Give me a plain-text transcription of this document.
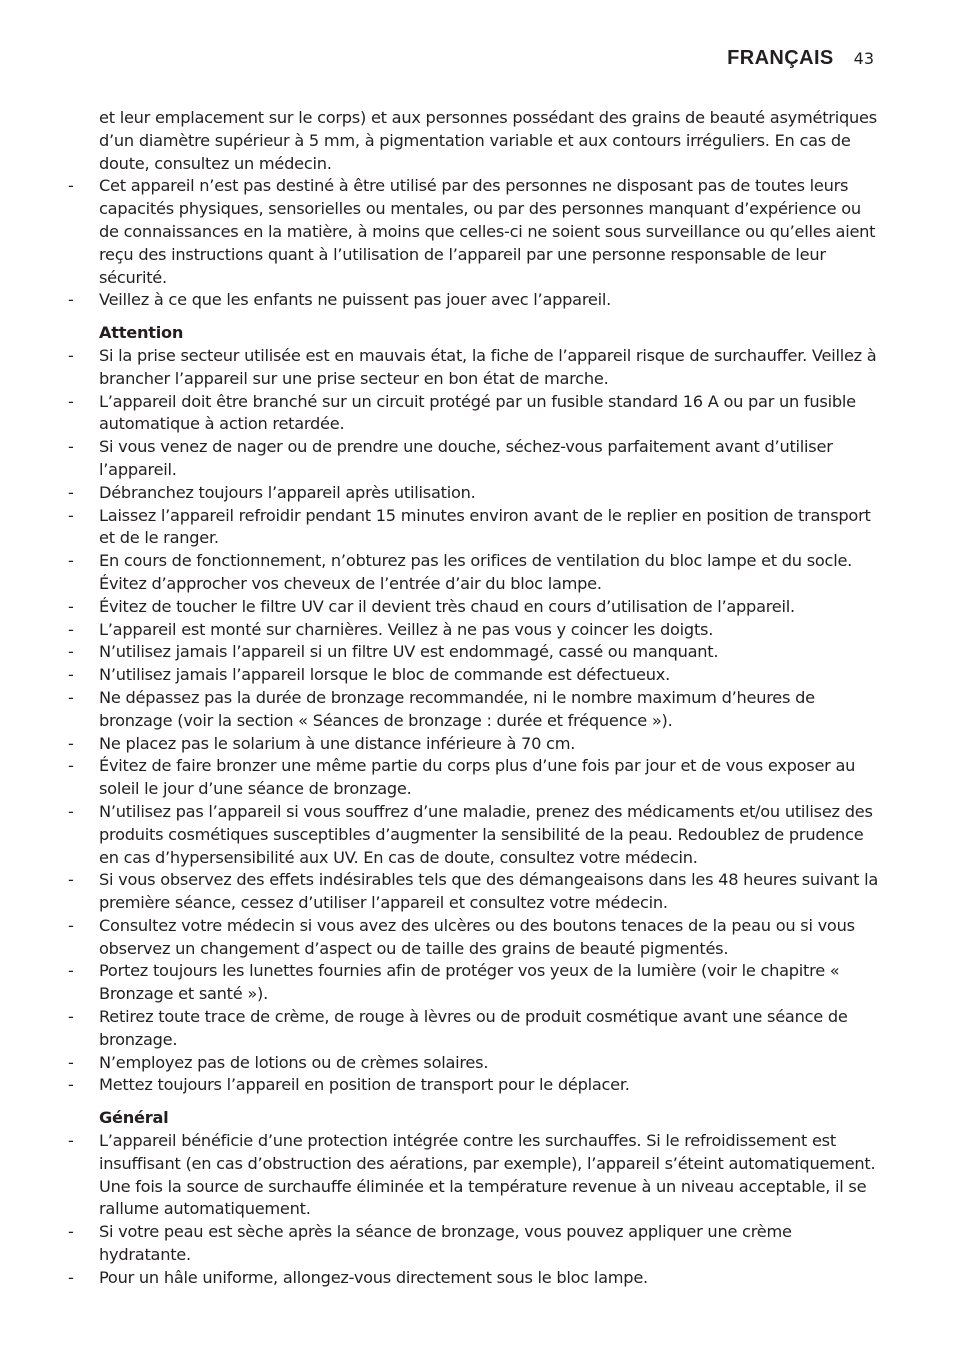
FRANÇAIS 43

et leur emplacement sur le corps) et aux personnes possédant des grains de beauté asymétriques d’un diamètre supérieur à 5 mm, à pigmentation variable et aux contours irréguliers. En cas de doute, consultez un médecin.

- Cet appareil n’est pas destiné à être utilisé par des personnes ne disposant pas de toutes leurs capacités physiques, sensorielles ou mentales, ou par des personnes manquant d’expérience ou de connaissances en la matière, à moins que celles-ci ne soient sous surveillance ou qu’elles aient reçu des instructions quant à l’utilisation de l’appareil par une personne responsable de leur sécurité.
- Veillez à ce que les enfants ne puissent pas jouer avec l’appareil.
Attention
- Si la prise secteur utilisée est en mauvais état, la fiche de l’appareil risque de surchauffer. Veillez à brancher l’appareil sur une prise secteur en bon état de marche.
- L’appareil doit être branché sur un circuit protégé par un fusible standard 16 A ou par un fusible automatique à action retardée.
- Si vous venez de nager ou de prendre une douche, séchez-vous parfaitement avant d’utiliser l’appareil.
- Débranchez toujours l’appareil après utilisation.
- Laissez l’appareil refroidir pendant 15 minutes environ avant de le replier en position de transport et de le ranger.
- En cours de fonctionnement, n’obturez pas les orifices de ventilation du bloc lampe et du socle. Évitez d’approcher vos cheveux de l’entrée d’air du bloc lampe.
- Évitez de toucher le filtre UV car il devient très chaud en cours d’utilisation de l’appareil.
- L’appareil est monté sur charnières. Veillez à ne pas vous y coincer les doigts.
- N’utilisez jamais l’appareil si un filtre UV est endommagé, cassé ou manquant.
- N’utilisez jamais l’appareil lorsque le bloc de commande est défectueux.
- Ne dépassez pas la durée de bronzage recommandée, ni le nombre maximum d’heures de bronzage (voir la section « Séances de bronzage : durée et fréquence »).
- Ne placez pas le solarium à une distance inférieure à 70 cm.
- Évitez de faire bronzer une même partie du corps plus d’une fois par jour et de vous exposer au soleil le jour d’une séance de bronzage.
- N’utilisez pas l’appareil si vous souffrez d’une maladie, prenez des médicaments et/ou utilisez des produits cosmétiques susceptibles d’augmenter la sensibilité de la peau. Redoublez de prudence en cas d’hypersensibilité aux UV. En cas de doute, consultez votre médecin.
- Si vous observez des effets indésirables tels que des démangeaisons dans les 48 heures suivant la première séance, cessez d’utiliser l’appareil et consultez votre médecin.
- Consultez votre médecin si vous avez des ulcères ou des boutons tenaces de la peau ou si vous observez un changement d’aspect ou de taille des grains de beauté pigmentés.
- Portez toujours les lunettes fournies afin de protéger vos yeux de la lumière (voir le chapitre « Bronzage et santé »).
- Retirez toute trace de crème, de rouge à lèvres ou de produit cosmétique avant une séance de bronzage.
- N’employez pas de lotions ou de crèmes solaires.
- Mettez toujours l’appareil en position de transport pour le déplacer.
Général
- L’appareil bénéficie d’une protection intégrée contre les surchauffes. Si le refroidissement est insuffisant (en cas d’obstruction des aérations, par exemple), l’appareil s’éteint automatiquement. Une fois la source de surchauffe éliminée et la température revenue à un niveau acceptable, il se rallume automatiquement.
- Si votre peau est sèche après la séance de bronzage, vous pouvez appliquer une crème hydratante.
- Pour un hâle uniforme, allongez-vous directement sous le bloc lampe.
